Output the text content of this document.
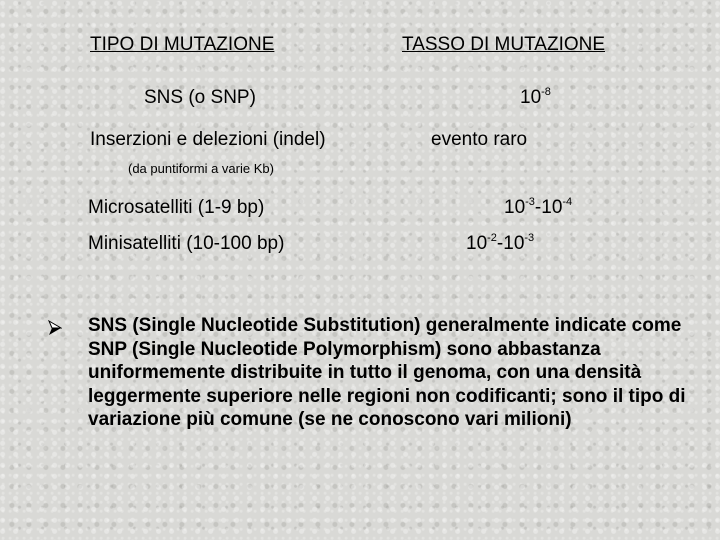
TIPO DI MUTAZIONE	TASSO DI MUTAZIONE
SNS (o SNP)	$10^{-8}$
Inserzioni e delezioni (indel)	evento raro
(da puntiformi a varie Kb)
Microsatelliti (1-9 bp)	$10^{-3}-10^{-4}$
Minisatelliti (10-100 bp)	$10^{-2}-10^{-3}$
SNS (Single Nucleotide Substitution) generalmente indicate come SNP (Single Nucleotide Polymorphism) sono abbastanza uniformemente distribuite in tutto il genoma, con una densità leggermente superiore nelle regioni non codificanti; sono il tipo di variazione più comune (se ne conoscono vari milioni)
